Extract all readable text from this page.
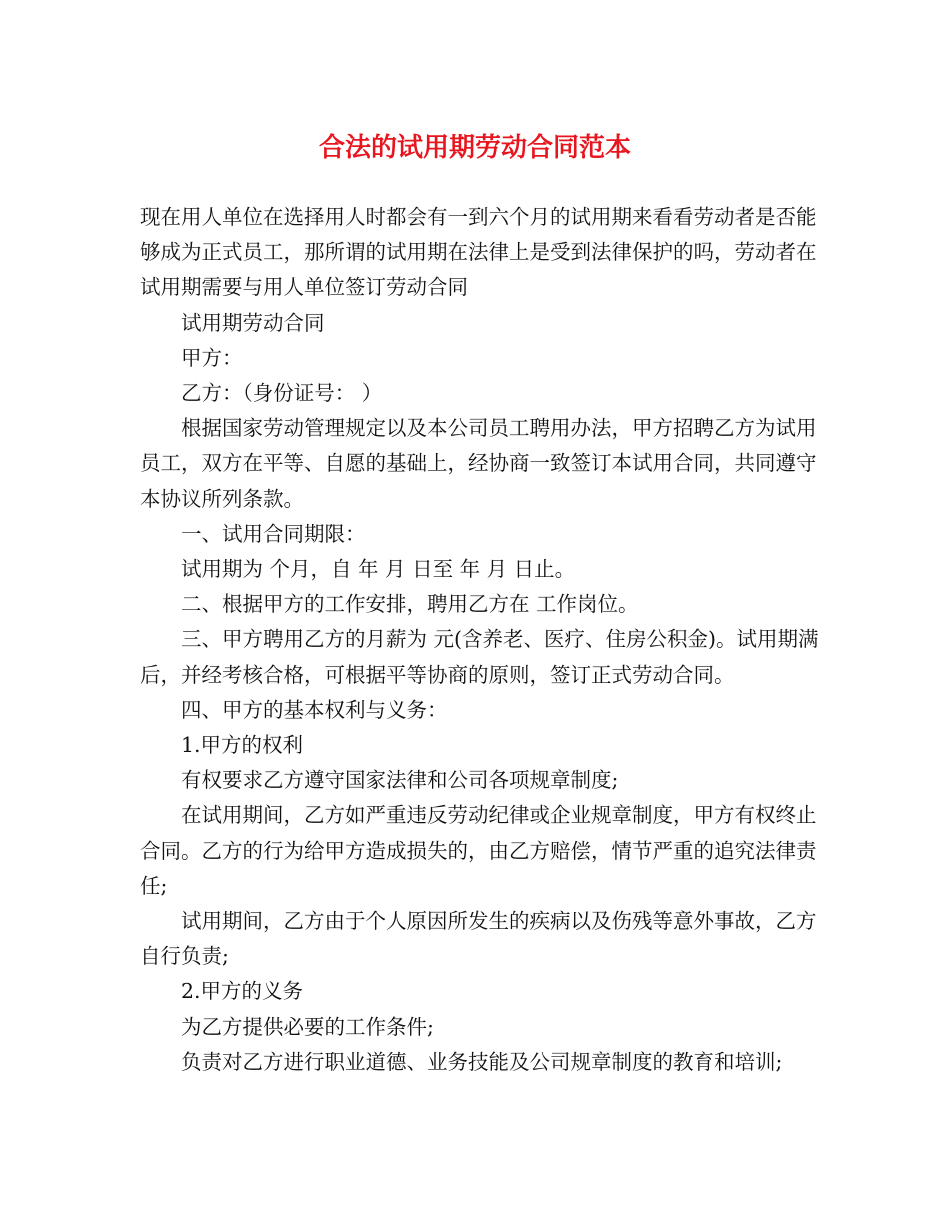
合法的试用期劳动合同范本

现在用人单位在选择用人时都会有一到六个月的试用期来看看劳动者是否能够成为正式员工，那所谓的试用期在法律上是受到法律保护的吗，劳动者在试用期需要与用人单位签订劳动合同

试用期劳动合同

甲方：

乙方：（身份证号： ）

根据国家劳动管理规定以及本公司员工聘用办法，甲方招聘乙方为试用员工，双方在平等、自愿的基础上，经协商一致签订本试用合同，共同遵守本协议所列条款。

一、试用合同期限：

试用期为 个月，自 年 月 日至 年 月 日止。

二、根据甲方的工作安排，聘用乙方在 工作岗位。

三、甲方聘用乙方的月薪为 元(含养老、医疗、住房公积金)。试用期满后，并经考核合格，可根据平等协商的原则，签订正式劳动合同。

四、甲方的基本权利与义务：

1.甲方的权利

有权要求乙方遵守国家法律和公司各项规章制度;

在试用期间，乙方如严重违反劳动纪律或企业规章制度，甲方有权终止合同。乙方的行为给甲方造成损失的，由乙方赔偿，情节严重的追究法律责任;

试用期间，乙方由于个人原因所发生的疾病以及伤残等意外事故，乙方自行负责;

2.甲方的义务

为乙方提供必要的工作条件;

负责对乙方进行职业道德、业务技能及公司规章制度的教育和培训;
